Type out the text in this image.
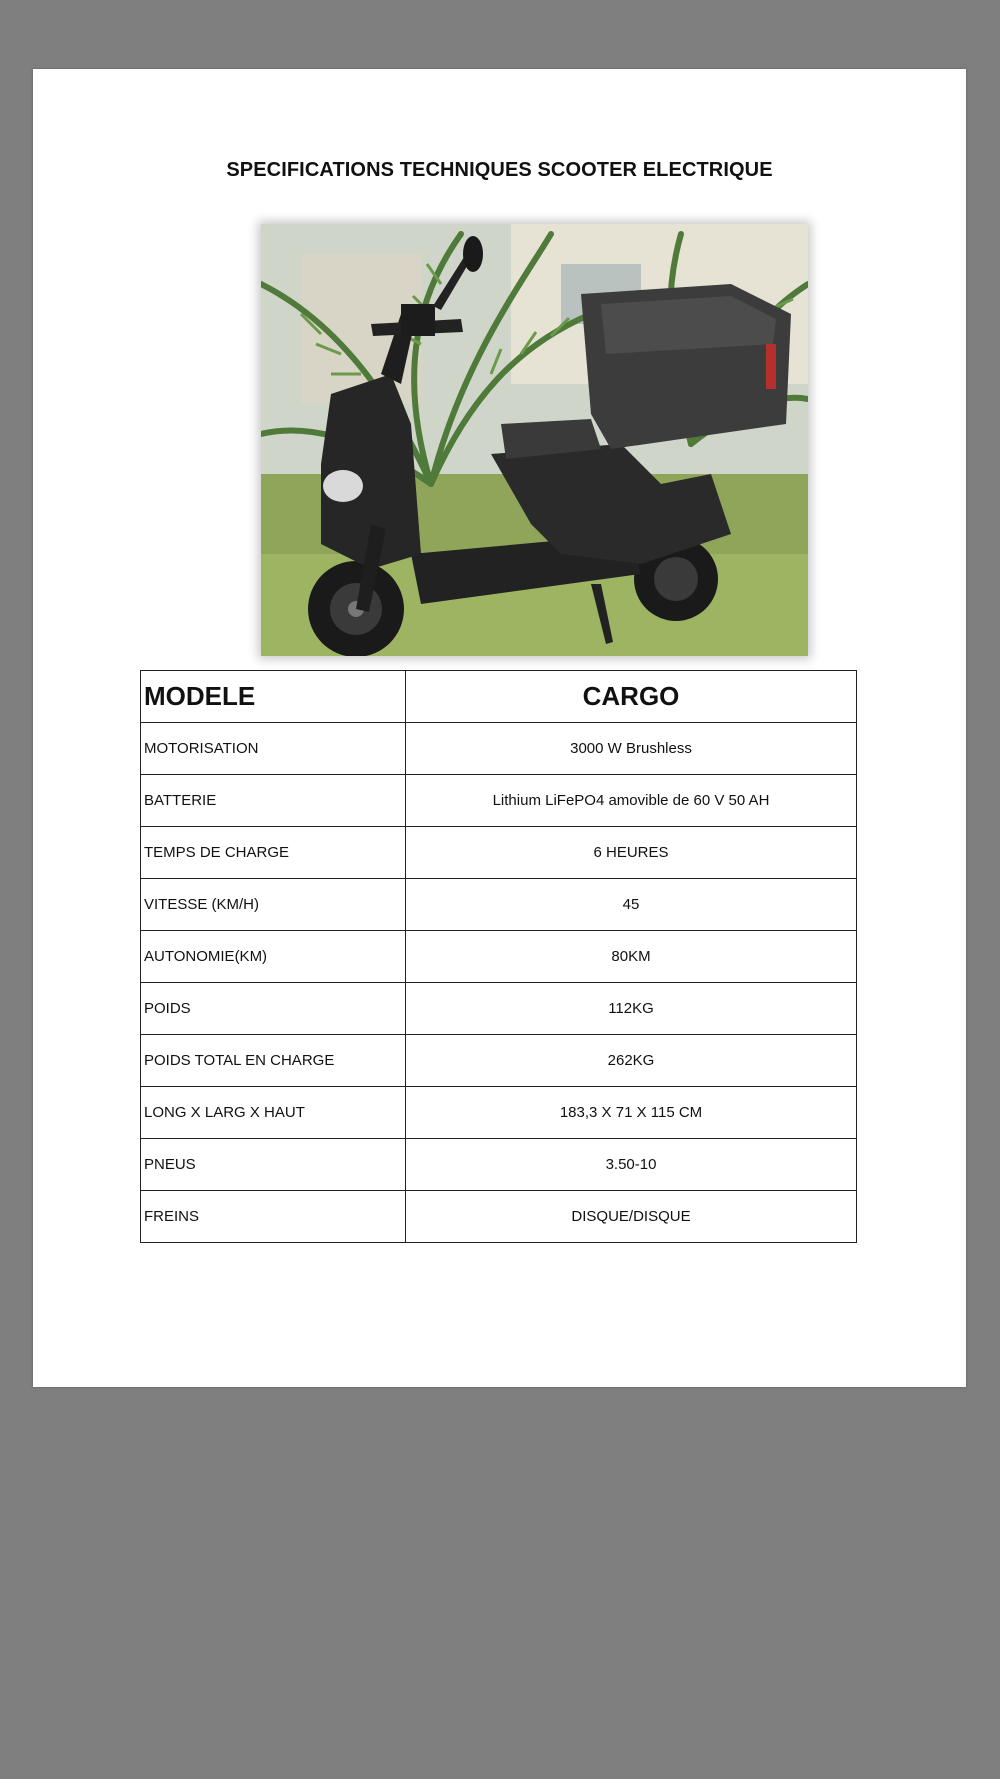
SPECIFICATIONS TECHNIQUES SCOOTER ELECTRIQUE
MODELE	CARGO
MOTORISATION	3000 W Brushless
BATTERIE	Lithium LiFePO4 amovible de 60 V 50 AH
TEMPS DE CHARGE	6 HEURES
VITESSE (KM/H)	45
AUTONOMIE(KM)	80KM
POIDS	112KG
POIDS TOTAL EN CHARGE	262KG
LONG X LARG X HAUT	183,3 X 71 X 115 CM
PNEUS	3.50-10
FREINS	DISQUE/DISQUE
